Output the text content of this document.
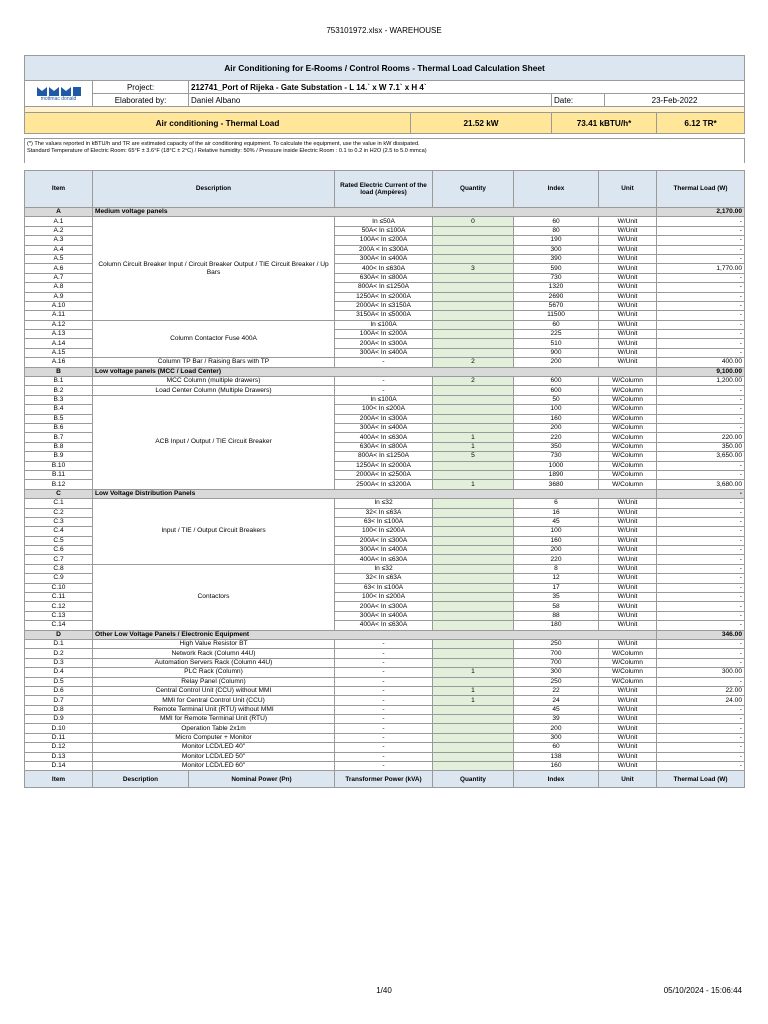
753101972.xlsx - WAREHOUSE
Air Conditioning for E-Rooms / Control Rooms - Thermal Load Calculation Sheet						

mottmac donald	Project:	212741_Port of Rijeka - Gate Substation - L 14.` x W 7.1` x H 4`				
	Elaborated by:	Daniel Albano		Date:	23-Feb-2022	

Air conditioning - Thermal Load			21.52 kW	73.41 kBTU/h*		6.12 TR*

(*) The values reported in kBTU/h and TR are estimated capacity of the air conditioning equipment. To calculate the equipment, use the value in kW dissipated.
Standard Temperature of Electric Room: 65°F ± 3.6°F (18°C ± 2°C) / Relative humidity: 50% / Pressure inside Electric Room : 0.1 to 0.2 in H2O (2.5 to 5.0 mmca)						
Item	Description		Rated Electric Current of the load (Ampères)	Quantity	Index	Unit	Thermal Load (W)
A	Medium voltage panels						2,170.00
A.1	Column Circuit Breaker Input / Circuit Breaker Output / TIE Circuit Breaker / Up Bars		In ≤50A	0	60	W/Unit	-
A.2			50A< In ≤100A		80	W/Unit	-
A.3			100A< In ≤200A		190	W/Unit	-
A.4			200A < In ≤300A		300	W/Unit	-
A.5			300A< In ≤400A		390	W/Unit	-
A.6			400< In ≤630A	3	590	W/Unit	1,770.00
A.7			630A< In ≤800A		730	W/Unit	-
A.8			800A< In ≤1250A		1320	W/Unit	-
A.9			1250A< In ≤2000A		2690	W/Unit	-
A.10			2000A< In ≤3150A		5670	W/Unit	-
A.11			3150A< In ≤5000A		11500	W/Unit	-
A.12	Column Contactor Fuse 400A		In ≤100A		60	W/Unit	-
A.13			100A< In ≤200A		225	W/Unit	-
A.14			200A< In ≤300A		510	W/Unit	-
A.15			300A< In ≤400A		900	W/Unit	-
A.16	Column TP Bar / Raising Bars with TP		-	2	200	W/Unit	400.00
B	Low voltage panels (MCC / Load Center)						9,100.00
B.1	MCC Column (multiple drawers)		-	2	600	W/Column	1,200.00
B.2	Load Center Column (Multiple Drawers)		-		600	W/Column	-
B.3	ACB Input / Output / TIE Circuit Breaker		In ≤100A		50	W/Column	-
B.4			100< In ≤200A		100	W/Column	-
B.5			200A< In ≤300A		160	W/Column	-
B.6			300A< In ≤400A		200	W/Column	-
B.7			400A< In ≤630A	1	220	W/Column	220.00
B.8			630A< In ≤800A	1	350	W/Column	350.00
B.9			800A< In ≤1250A	5	730	W/Column	3,650.00
B.10			1250A< In ≤2000A		1000	W/Column	-
B.11			2000A< In ≤2500A		1890	W/Column	-
B.12			2500A< In ≤3200A	1	3680	W/Column	3,680.00
C	Low Voltage Distribution Panels						-
C.1	Input / TIE / Output Circuit Breakers		In ≤32		6	W/Unit	-
C.2			32< In ≤63A		16	W/Unit	-
C.3			63< In ≤100A		45	W/Unit	-
C.4			100< In ≤200A		100	W/Unit	-
C.5			200A< In ≤300A		160	W/Unit	-
C.6			300A< In ≤400A		200	W/Unit	-
C.7			400A< In ≤630A		220	W/Unit	-
C.8	Contactors		In ≤32		8	W/Unit	-
C.9			32< In ≤63A		12	W/Unit	-
C.10			63< In ≤100A		17	W/Unit	-
C.11			100< In ≤200A		35	W/Unit	-
C.12			200A< In ≤300A		58	W/Unit	-
C.13			300A< In ≤400A		88	W/Unit	-
C.14			400A< In ≤630A		180	W/Unit	-
D	Other Low Voltage Panels / Electronic Equipment						346.00
D.1	High Value Resistor BT		-		250	W/Unit	-
D.2	Network Rack (Column 44U)		-		700	W/Column	-
D.3	Automation Servers Rack (Column 44U)		-		700	W/Column	-
D.4	PLC Rack (Column)		-	1	300	W/Column	300.00
D.5	Relay Panel (Column)		-		250	W/Column	-
D.6	Central Control Unit (CCU) without MMI		-	1	22	W/Unit	22.00
D.7	MMI for Central Control Unit (CCU)		-	1	24	W/Unit	24.00
D.8	Remote Terminal Unit (RTU) without MMI		-		45	W/Unit	-
D.9	MMI for Remote Terminal Unit (RTU)		-		39	W/Unit	-
D.10	Operation Table 2x1m		-		200	W/Unit	-
D.11	Micro Computer + Monitor		-		300	W/Unit	-
D.12	Monitor LCD/LED 40"		-		60	W/Unit	-
D.13	Monitor LCD/LED 50"		-		138	W/Unit	-
D.14	Monitor LCD/LED 60"		-		160	W/Unit	-
Item	Description	Nominal Power (Pn)	Transformer Power (kVA)	Quantity	Index	Unit	Thermal Load (W)
1/40	05/10/2024 - 15:06:44
